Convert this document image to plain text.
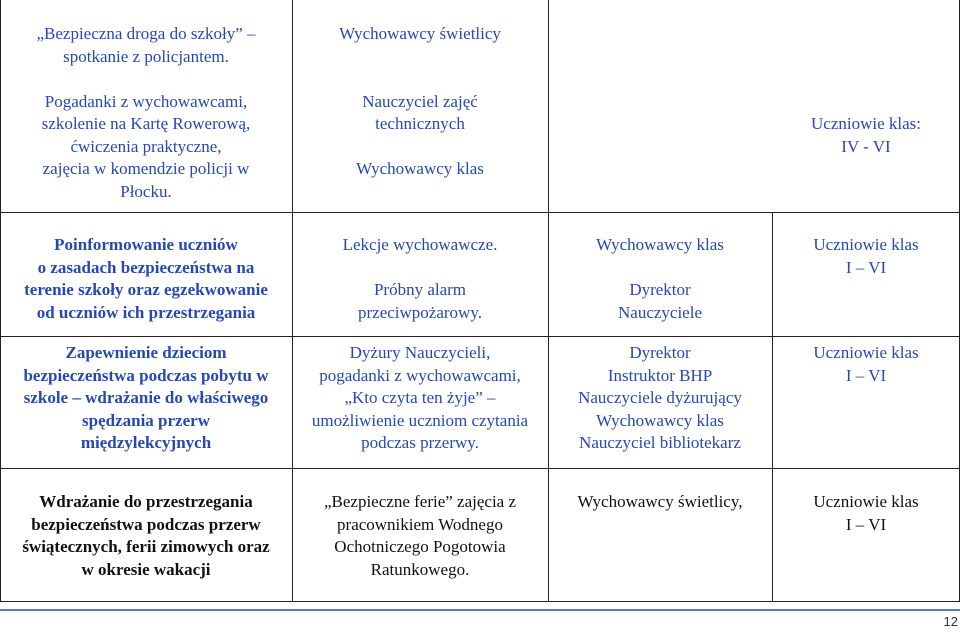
„Bezpieczna droga do szkoły” –
spotkanie z policjantem.
Pogadanki z wychowawcami,
szkolenie na Kartę Rowerową,
ćwiczenia praktyczne,
zajęcia w komendzie policji w
Płocku.
Wychowawcy świetlicy
Nauczyciel zajęć
technicznych
Wychowawcy klas
Uczniowie klas:
IV - VI
Poinformowanie uczniów
o zasadach bezpieczeństwa na
terenie szkoły oraz egzekwowanie
od uczniów ich przestrzegania
Lekcje wychowawcze.
Próbny alarm
przeciwpożarowy.
Wychowawcy klas
Dyrektor
Nauczyciele
Uczniowie klas
I – VI
Zapewnienie dzieciom
bezpieczeństwa podczas pobytu w
szkole – wdrażanie do właściwego
spędzania przerw
międzylekcyjnych
Dyżury Nauczycieli,
pogadanki z wychowawcami,
„Kto czyta ten żyje” –
umożliwienie uczniom czytania
podczas przerwy.
Dyrektor
Instruktor BHP
Nauczyciele dyżurujący
Wychowawcy klas
Nauczyciel bibliotekarz
Uczniowie klas
I – VI
Wdrażanie do przestrzegania
bezpieczeństwa podczas przerw
świątecznych, ferii zimowych oraz
w okresie wakacji
„Bezpieczne ferie” zajęcia z
pracownikiem Wodnego
Ochotniczego Pogotowia
Ratunkowego.
Wychowawcy świetlicy,	Uczniowie klas
I – VI
12
